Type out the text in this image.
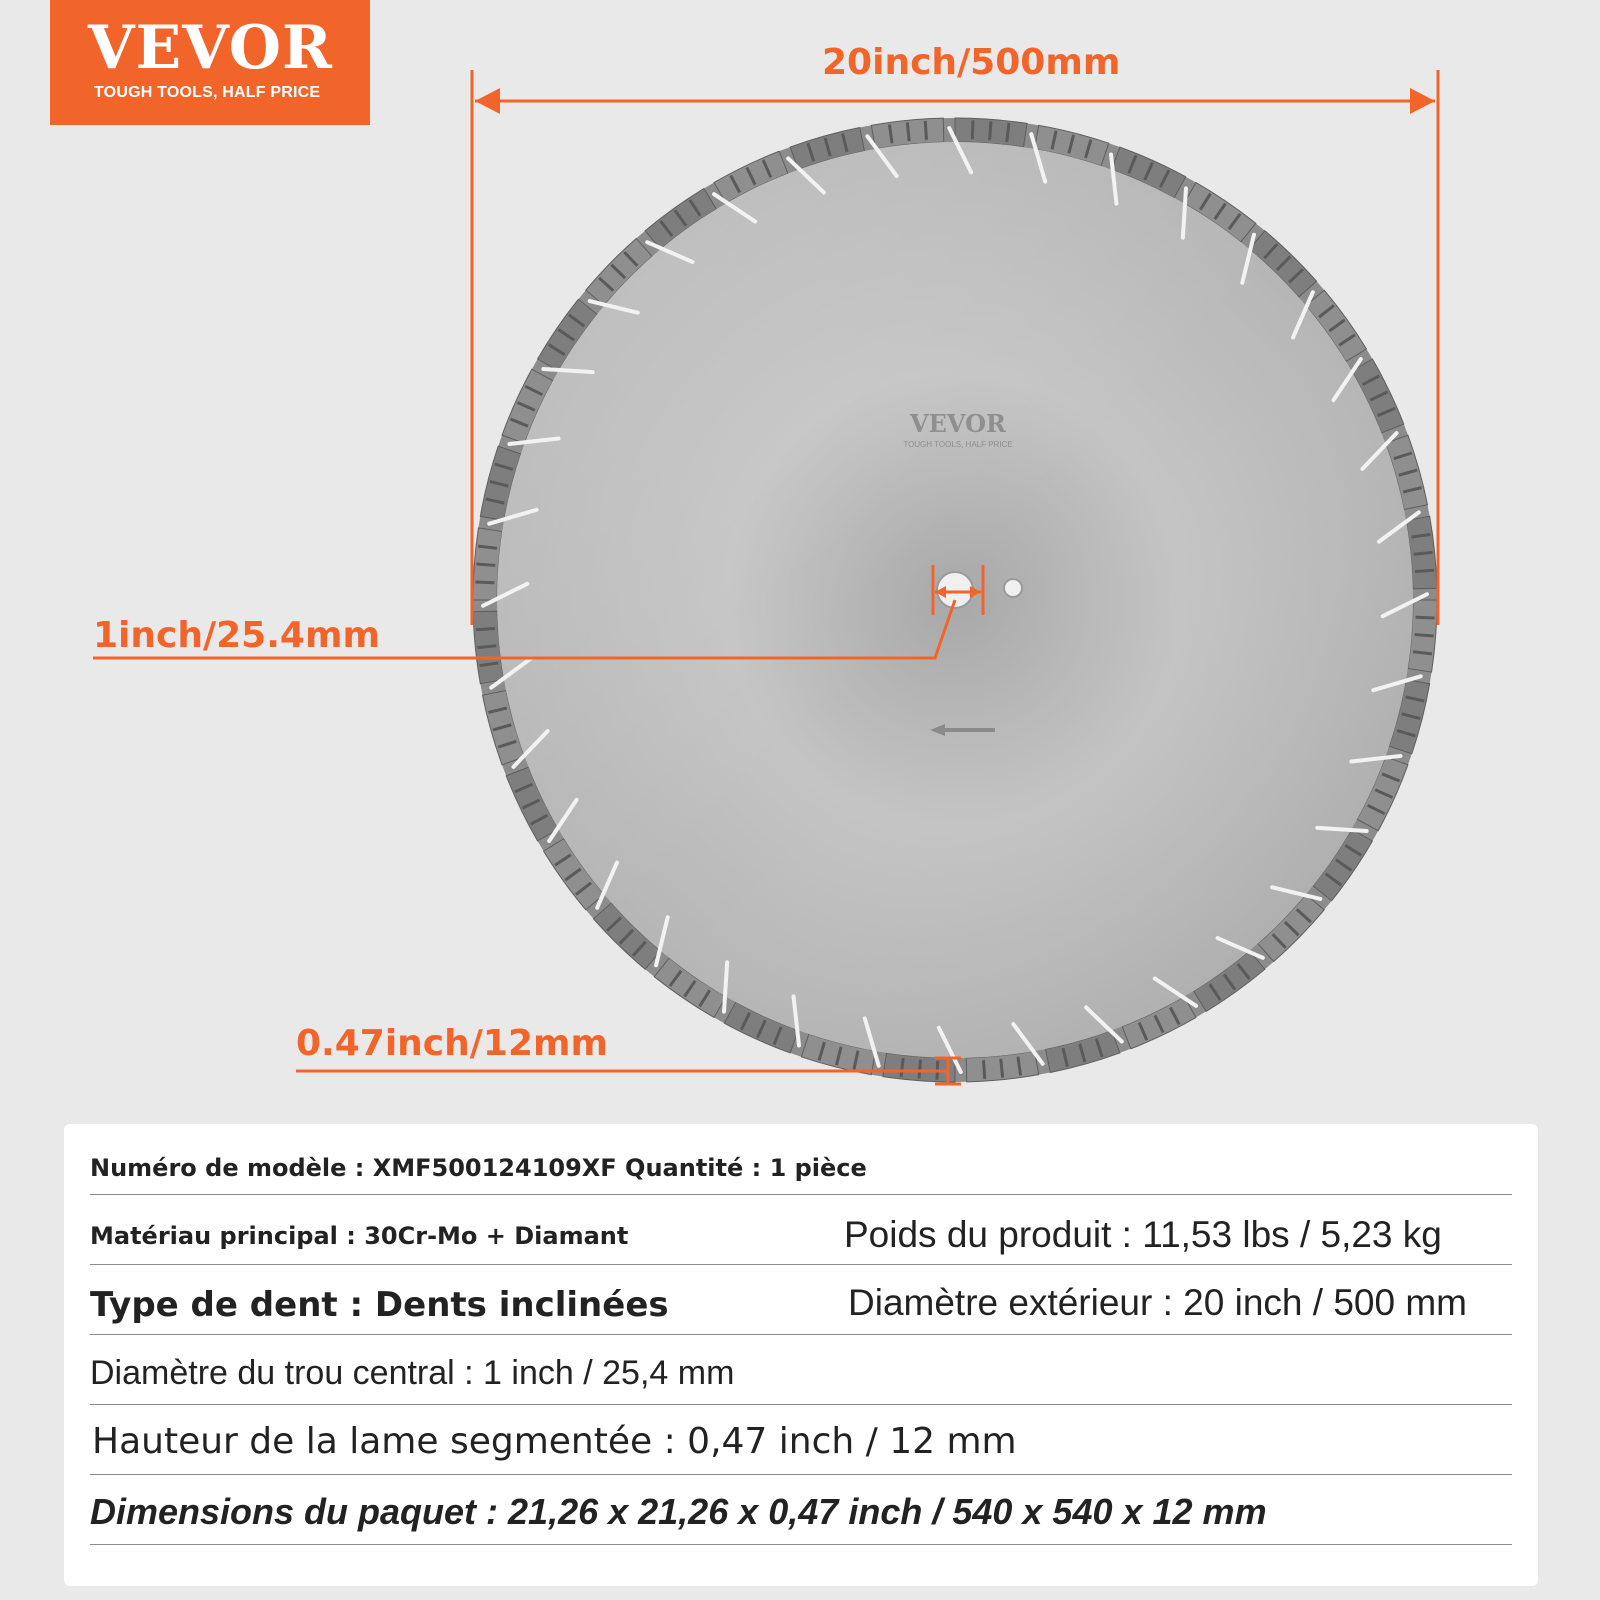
VEVOR
TOUGH TOOLS, HALF PRICE
VEVOR
TOUGH TOOLS, HALF PRICE
20inch/500mm
1inch/25.4mm
0.47inch/12mm
Numéro de modèle : XMF500124109XF Quantité : 1 pièce
Matériau principal : 30Cr-Mo + Diamant	Poids du produit : 11,53 lbs / 5,23 kg
Type de dent : Dents inclinées	Diamètre extérieur : 20 inch / 500 mm
Diamètre du trou central : 1 inch / 25,4 mm
Hauteur de la lame segmentée : 0,47 inch / 12 mm
Dimensions du paquet : 21,26 x 21,26 x 0,47 inch / 540 x 540 x 12 mm
